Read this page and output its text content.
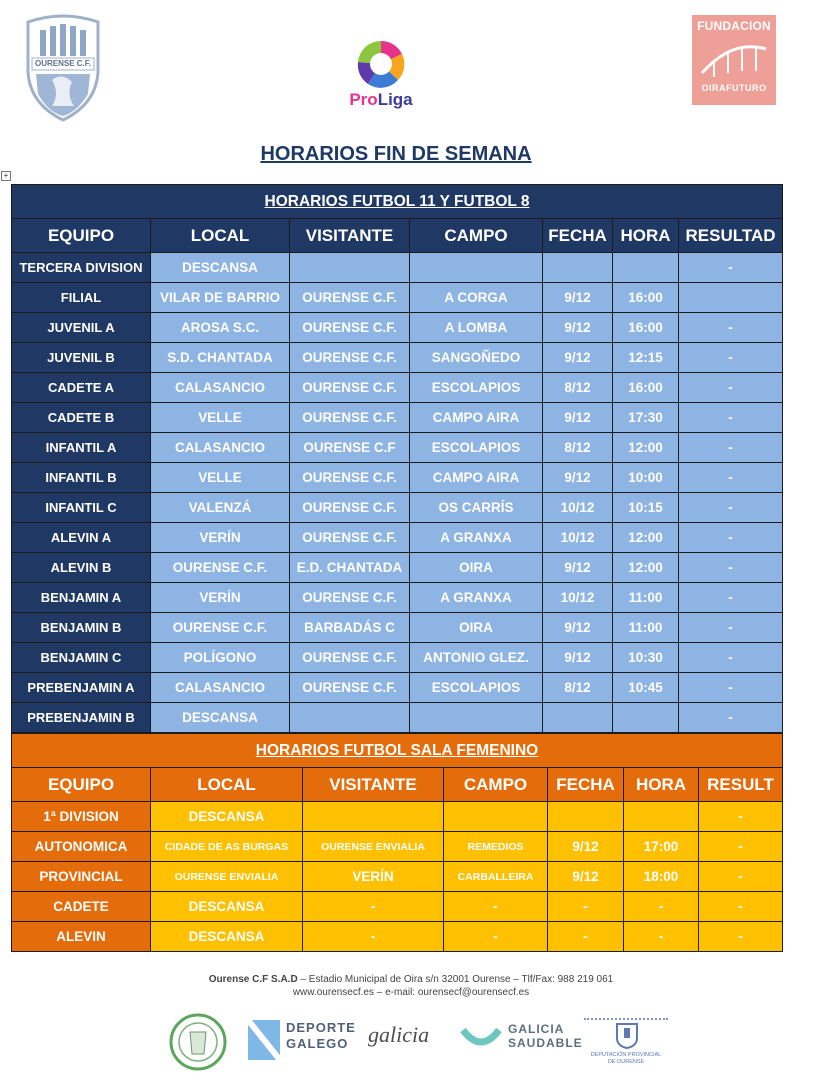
OURENSE C.F.
ProLiga
FUNDACION
OIRAFUTURO
HORARIOS FIN DE SEMANA
+
HORARIOS FUTBOL 11 Y FUTBOL 8						
EQUIPO	LOCAL	VISITANTE	CAMPO	FECHA	HORA	RESULTAD
TERCERA DIVISION	DESCANSA					-
FILIAL	VILAR DE BARRIO	OURENSE C.F.	A CORGA	9/12	16:00	
JUVENIL A	AROSA S.C.	OURENSE C.F.	A LOMBA	9/12	16:00	-
JUVENIL B	S.D. CHANTADA	OURENSE C.F.	SANGOÑEDO	9/12	12:15	-
CADETE A	CALASANCIO	OURENSE C.F.	ESCOLAPIOS	8/12	16:00	-
CADETE B	VELLE	OURENSE C.F.	CAMPO AIRA	9/12	17:30	-
INFANTIL A	CALASANCIO	OURENSE C.F	ESCOLAPIOS	8/12	12:00	-
INFANTIL B	VELLE	OURENSE C.F.	CAMPO AIRA	9/12	10:00	-
INFANTIL C	VALENZÁ	OURENSE C.F.	OS CARRÍS	10/12	10:15	-
ALEVIN A	VERÍN	OURENSE C.F.	A GRANXA	10/12	12:00	-
ALEVIN B	OURENSE C.F.	E.D. CHANTADA	OIRA	9/12	12:00	-
BENJAMIN A	VERÍN	OURENSE C.F.	A GRANXA	10/12	11:00	-
BENJAMIN B	OURENSE C.F.	BARBADÁS C	OIRA	9/12	11:00	-
BENJAMIN C	POLÍGONO	OURENSE C.F.	ANTONIO GLEZ.	9/12	10:30	-
PREBENJAMIN A	CALASANCIO	OURENSE C.F.	ESCOLAPIOS	8/12	10:45	-
PREBENJAMIN B	DESCANSA					-
HORARIOS FUTBOL SALA FEMENINO						
EQUIPO	LOCAL	VISITANTE	CAMPO	FECHA	HORA	RESULT
1ª DIVISION	DESCANSA					-
AUTONOMICA	CIDADE DE AS BURGAS	OURENSE ENVIALIA	REMEDIOS	9/12	17:00	-
PROVINCIAL	OURENSE ENVIALIA	VERÍN	CARBALLEIRA	9/12	18:00	-
CADETE	DESCANSA	-	-	-	-	-
ALEVIN	DESCANSA	-	-	-	-	-
Ourense C.F S.A.D – Estadio Municipal de Oira s/n 32001 Ourense – Tlf/Fax: 988 219 061
www.ourensecf.es – e-mail: ourensecf@ourensecf.es
DEPORTE
GALEGO galicia	GALICIA
SAUDABLE
DEPUTACIÓN PROVINCIAL
DE OURENSE
